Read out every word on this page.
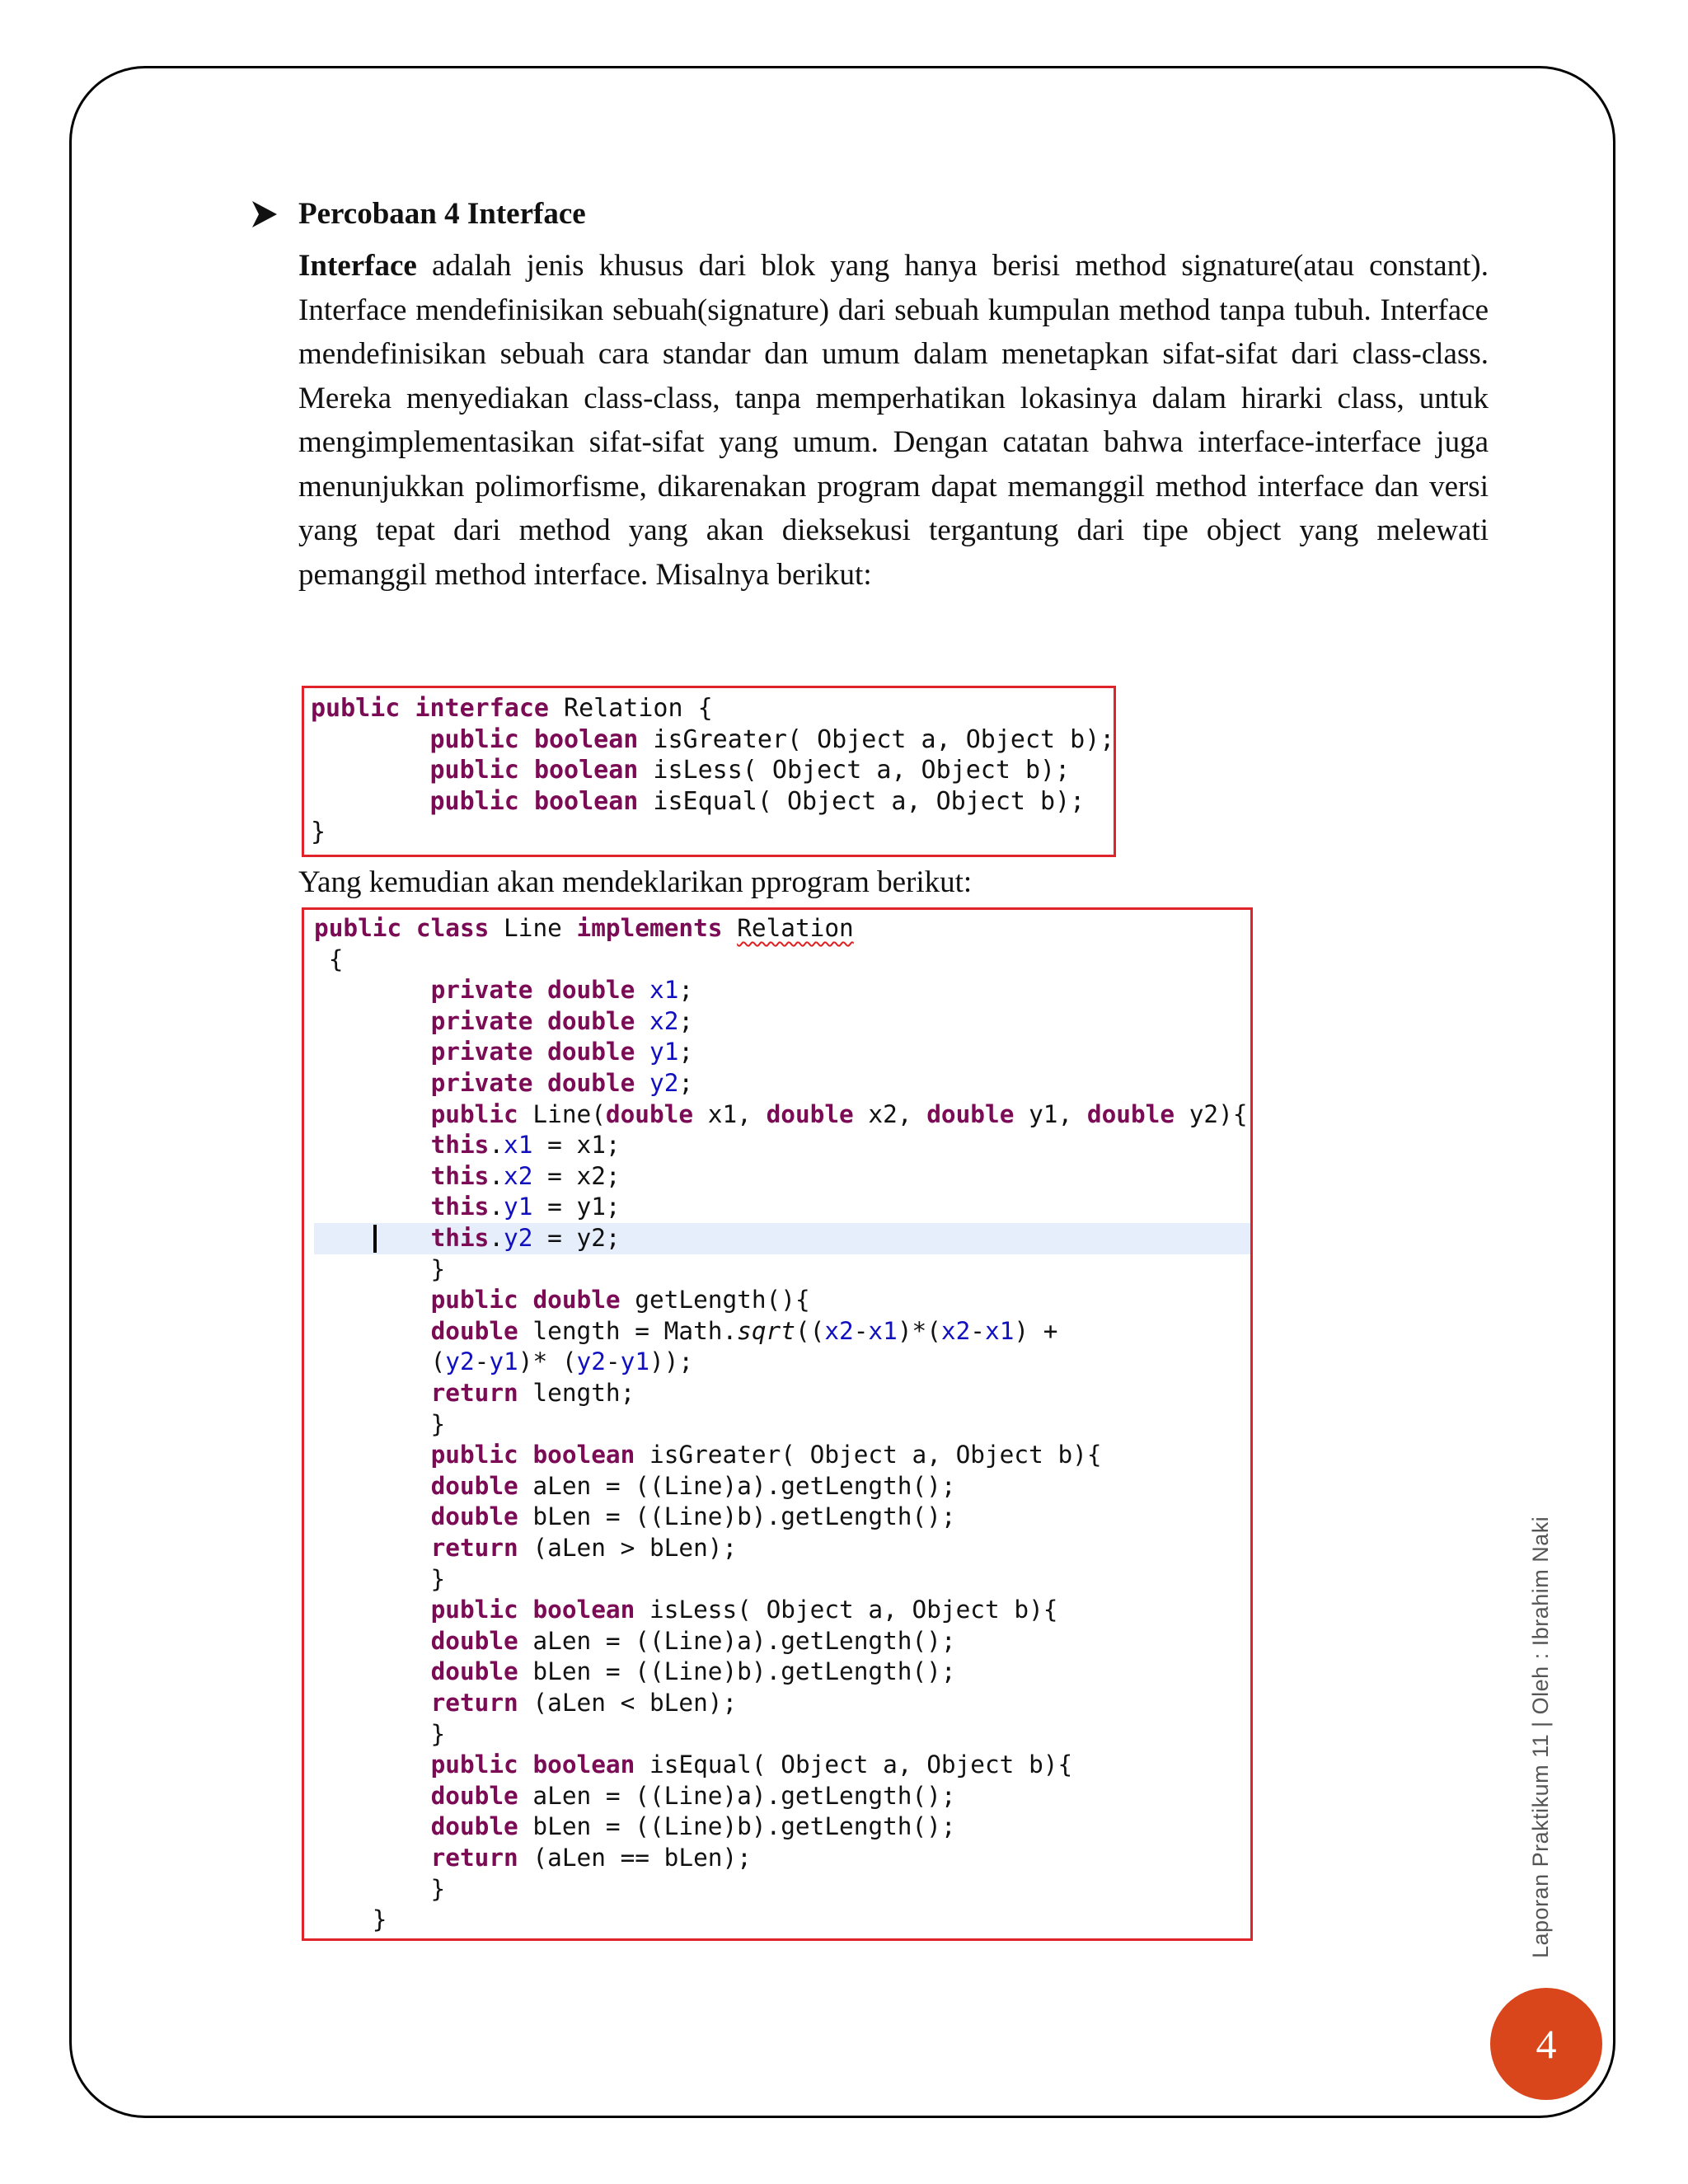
Percobaan 4 Interface

Interface adalah jenis khusus dari blok yang hanya berisi method signature(atau constant). Interface mendefinisikan sebuah(signature) dari sebuah kumpulan method tanpa tubuh. Interface mendefinisikan sebuah cara standar dan umum dalam menetapkan sifat-sifat dari class-class. Mereka menyediakan class-class, tanpa memperhatikan lokasinya dalam hirarki class, untuk mengimplementasikan sifat-sifat yang umum. Dengan catatan bahwa interface-interface juga menunjukkan polimorfisme, dikarenakan program dapat memanggil method interface dan versi yang tepat dari method yang akan dieksekusi tergantung dari tipe object yang melewati pemanggil method interface. Misalnya berikut:

public interface Relation {
public boolean isGreater( Object a, Object b);
public boolean isLess( Object a, Object b);
public boolean isEqual( Object a, Object b);
}

Yang kemudian akan mendeklarikan pprogram berikut:

public class Line implements Relation
{
private double x1;
private double x2;
private double y1;
private double y2;
public Line(double x1, double x2, double y1, double y2){
this.x1 = x1;
this.x2 = x2;
this.y1 = y1;
this.y2 = y2;
}
public double getLength(){
double length = Math.sqrt((x2-x1)*(x2-x1) +
(y2-y1)* (y2-y1));
return length;
}
public boolean isGreater( Object a, Object b){
double aLen = ((Line)a).getLength();
double bLen = ((Line)b).getLength();
return (aLen > bLen);
}
public boolean isLess( Object a, Object b){
double aLen = ((Line)a).getLength();
double bLen = ((Line)b).getLength();
return (aLen < bLen);
}
public boolean isEqual( Object a, Object b){
double aLen = ((Line)a).getLength();
double bLen = ((Line)b).getLength();
return (aLen == bLen);
}
}	Laporan Praktikum 11 | Oleh : Ibrahim Naki
4
